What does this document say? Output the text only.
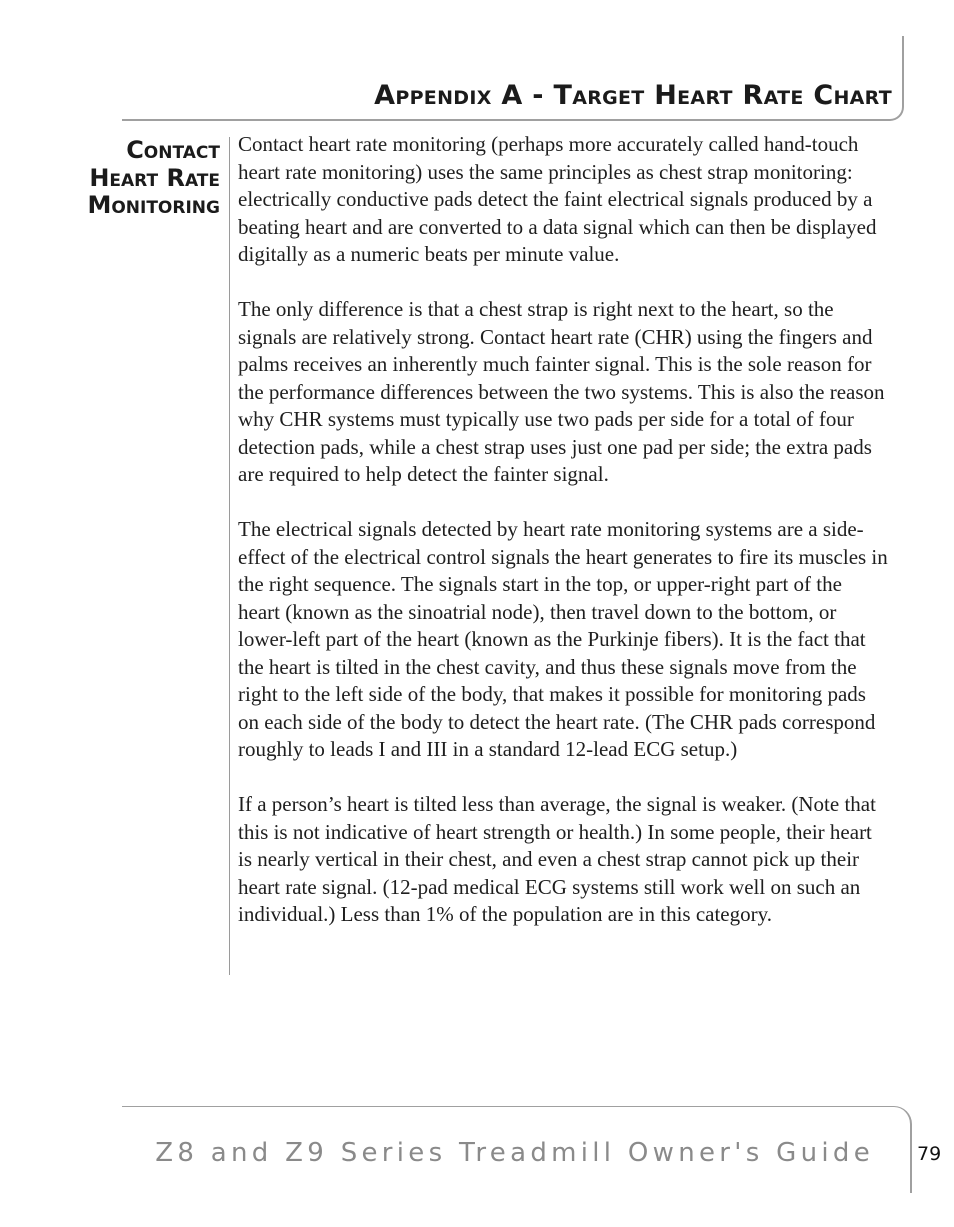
Appendix A - Target Heart Rate Chart
Contact
Heart Rate
Monitoring

Contact heart rate monitoring (perhaps more accurately called hand-touch heart rate monitoring) uses the same principles as chest strap monitoring: electrically conductive pads detect the faint electrical signals produced by a beating heart and are converted to a data signal which can then be displayed digitally as a numeric beats per minute value.

The only difference is that a chest strap is right next to the heart, so the signals are relatively strong. Contact heart rate (CHR) using the fingers and palms receives an inherently much fainter signal. This is the sole reason for the performance differences between the two systems. This is also the reason why CHR systems must typically use two pads per side for a total of four detection pads, while a chest strap uses just one pad per side; the extra pads are required to help detect the fainter signal.

The electrical signals detected by heart rate monitoring systems are a side-effect of the electrical control signals the heart generates to fire its muscles in the right sequence. The signals start in the top, or upper-right part of the heart (known as the sinoatrial node), then travel down to the bottom, or lower-left part of the heart (known as the Purkinje fibers). It is the fact that the heart is tilted in the chest cavity, and thus these signals move from the right to the left side of the body, that makes it possible for monitoring pads on each side of the body to detect the heart rate. (The CHR pads correspond roughly to leads I and III in a standard 12-lead ECG setup.)

If a person’s heart is tilted less than average, the signal is weaker. (Note that this is not indicative of heart strength or health.) In some people, their heart is nearly vertical in their chest, and even a chest strap cannot pick up their heart rate signal. (12-pad medical ECG systems still work well on such an individual.) Less than 1% of the population are in this category.

Z8 and Z9 Series Treadmill Owner's Guide 79
